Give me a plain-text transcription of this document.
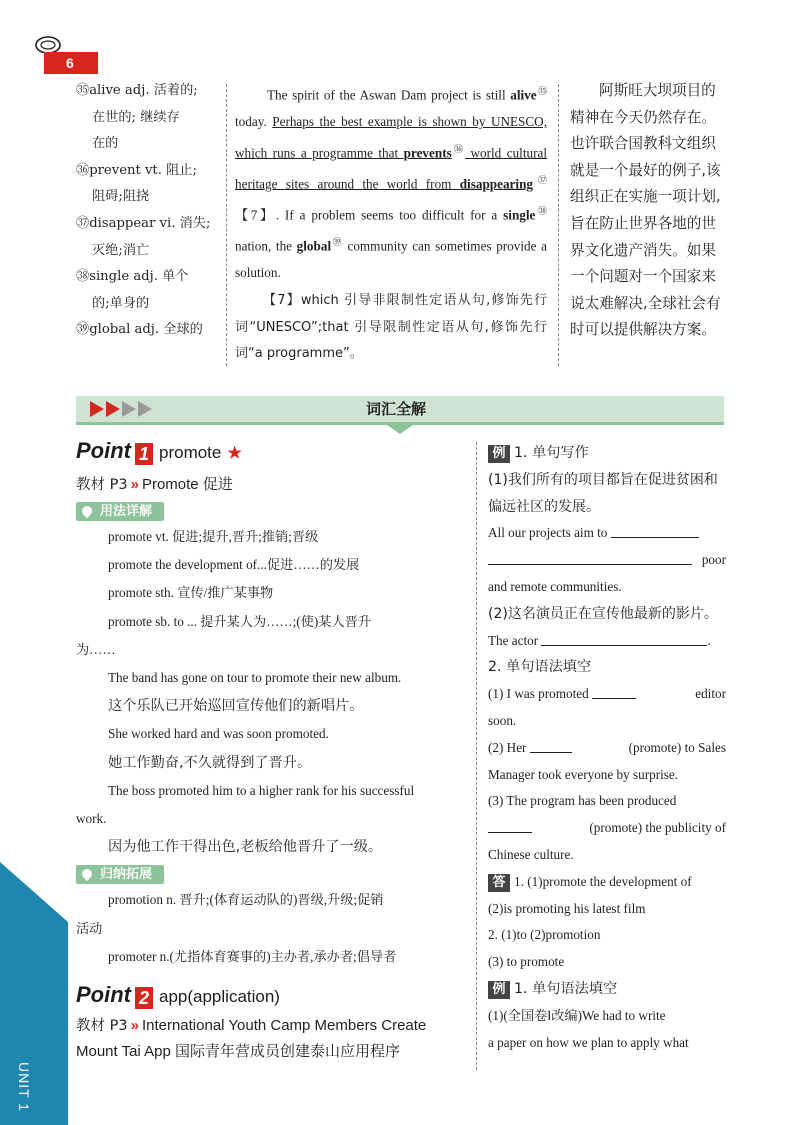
6
UNIT 1
㉟alive adj. 活着的;
在世的; 继续存
在的
㊱prevent vt. 阻止;
阻碍;阻挠
㊲disappear vi. 消失;
灭绝;消亡
㊳single adj. 单个
的;单身的
㊴global adj. 全球的

The spirit of the Aswan Dam project is still alive$^㉟$ today. Perhaps the best example is shown by UNESCO, which runs a programme that prevents$^㊱$ world cultural heritage sites around the world from disappearing$^㊲$【7】. If a problem seems too difficult for a single$^㊳$ nation, the global$^㊴$ community can sometimes provide a solution.

【7】which 引导非限制性定语从句,修饰先行词“UNESCO”;that 引导限制性定语从句,修饰先行词“a programme”。

阿斯旺大坝项目的精神在今天仍然存在。也许联合国教科文组织就是一个最好的例子,该组织正在实施一项计划,旨在防止世界各地的世界文化遗产消失。如果一个问题对一个国家来说太难解决,全球社会有时可以提供解决方案。

词汇全解
Point 1 promote ★
教材 P3 » Promote 促进
用法详解
promote vt. 促进;提升,晋升;推销;晋级
promote the development of...促进……的发展
promote sth. 宣传/推广某事物
promote sb. to ... 提升某人为……;(使)某人晋升
为……
The band has gone on tour to promote their new album.
这个乐队已开始巡回宣传他们的新唱片。
She worked hard and was soon promoted.
她工作勤奋,不久就得到了晋升。
The boss promoted him to a higher rank for his successful
work.
因为他工作干得出色,老板给他晋升了一级。
归纳拓展
promotion n. 晋升;(体育运动队的)晋级,升级;促销
活动
promoter n.(尤指体育赛事的)主办者,承办者;倡导者
Point 2 app(application)
教材 P3 » International Youth Camp Members Create
Mount Tai App 国际青年营成员创建泰山应用程序
例 1. 单句写作
(1)我们所有的项目都旨在促进贫困和偏远社区的发展。
All our projects aim to
poor
and remote communities.
(2)这名演员正在宣传他最新的影片。
The actor	.
2. 单句语法填空
(1) I was promoted	editor
soon.
(2) Her	(promote) to Sales
Manager took everyone by surprise.
(3) The program has been produced
(promote) the publicity of
Chinese culture.
答 1. (1)promote the development of
(2)is promoting his latest film
2. (1)to (2)promotion
(3) to promote
例 1. 单句语法填空
(1)(全国卷Ⅰ改编)We had to write
a paper on how we plan to apply what
